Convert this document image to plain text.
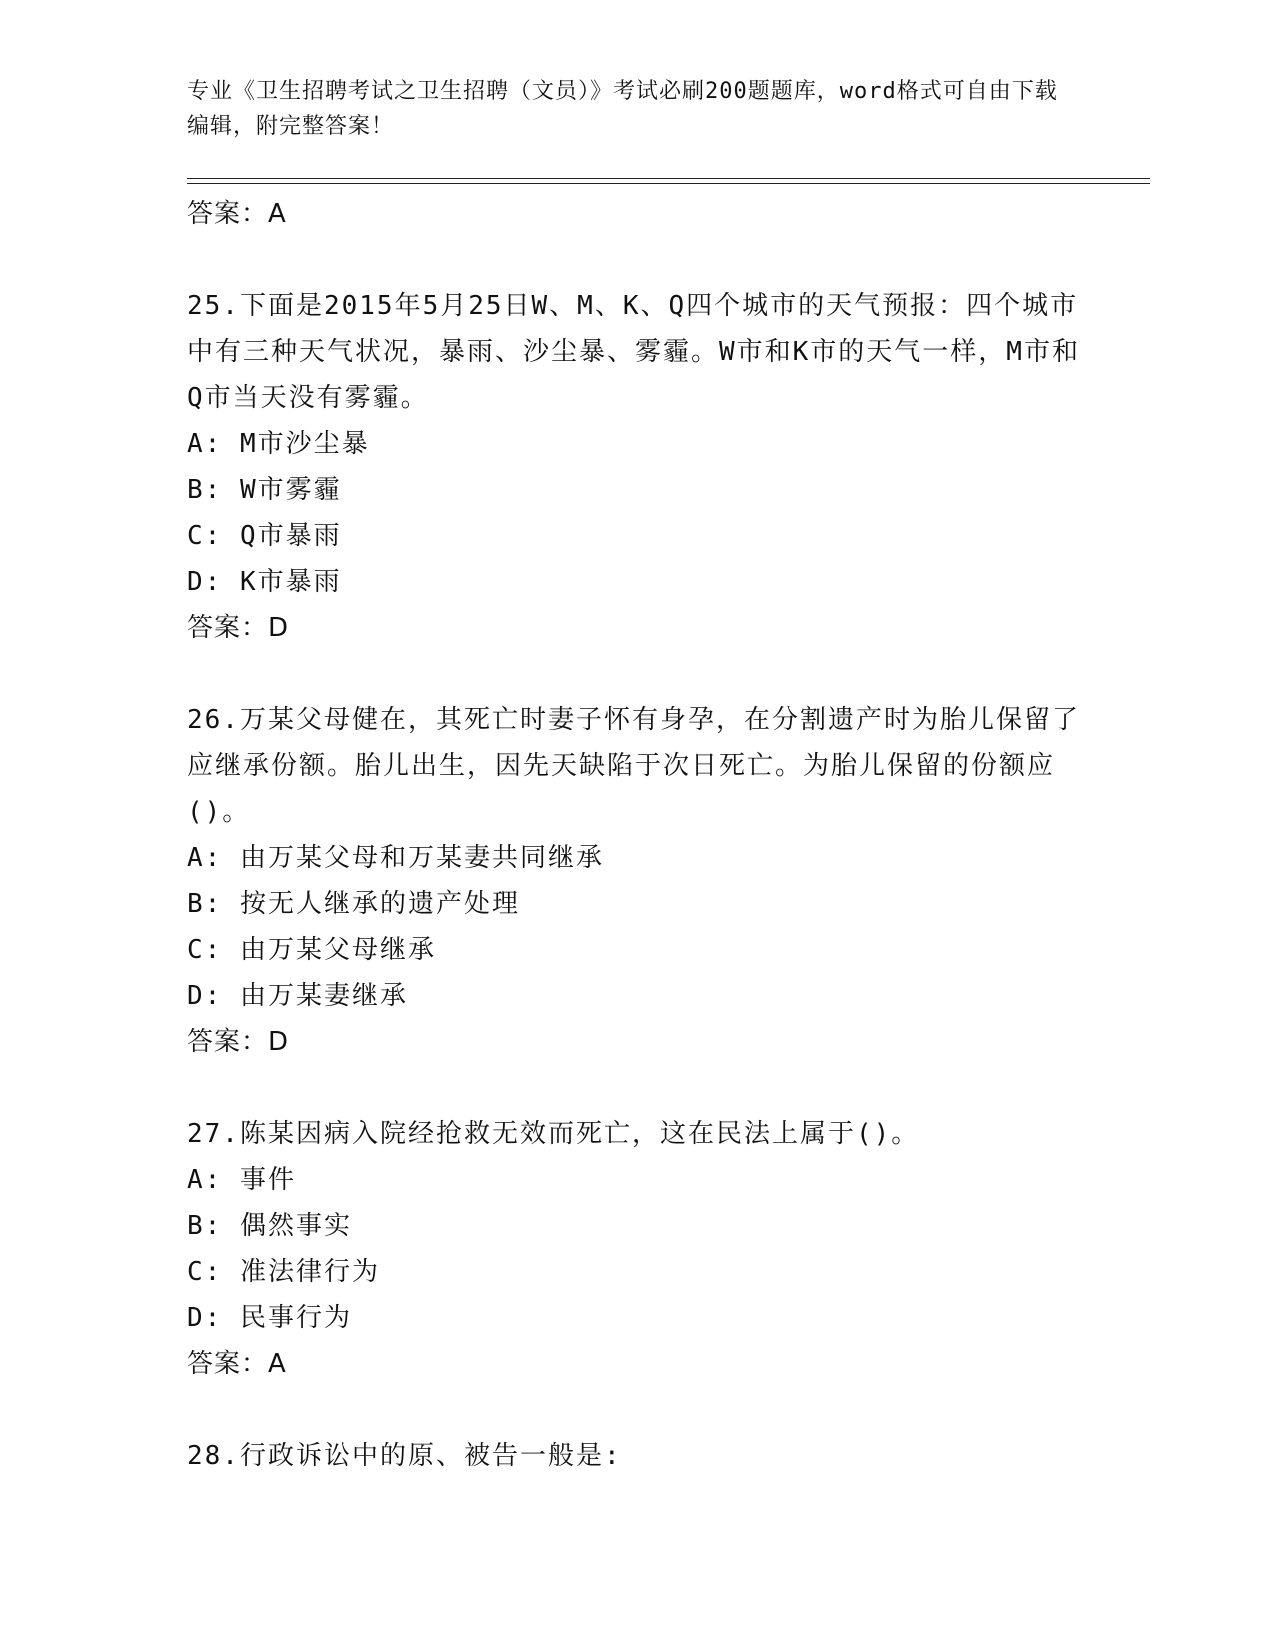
专业《卫生招聘考试之卫生招聘（文员）》考试必刷200题题库，word格式可自由下载编辑，附完整答案！
答案：A
25.下面是2015年5月25日W、M、K、Q四个城市的天气预报：四个城市中有三种天气状况，暴雨、沙尘暴、雾霾。W市和K市的天气一样，M市和Q市当天没有雾霾。
A: M市沙尘暴
B: W市雾霾
C: Q市暴雨
D: K市暴雨
答案：D
26.万某父母健在，其死亡时妻子怀有身孕，在分割遗产时为胎儿保留了应继承份额。胎儿出生，因先天缺陷于次日死亡。为胎儿保留的份额应()。
A: 由万某父母和万某妻共同继承
B: 按无人继承的遗产处理
C: 由万某父母继承
D: 由万某妻继承
答案：D
27.陈某因病入院经抢救无效而死亡，这在民法上属于()。
A: 事件
B: 偶然事实
C: 准法律行为
D: 民事行为
答案：A
28.行政诉讼中的原、被告一般是:
